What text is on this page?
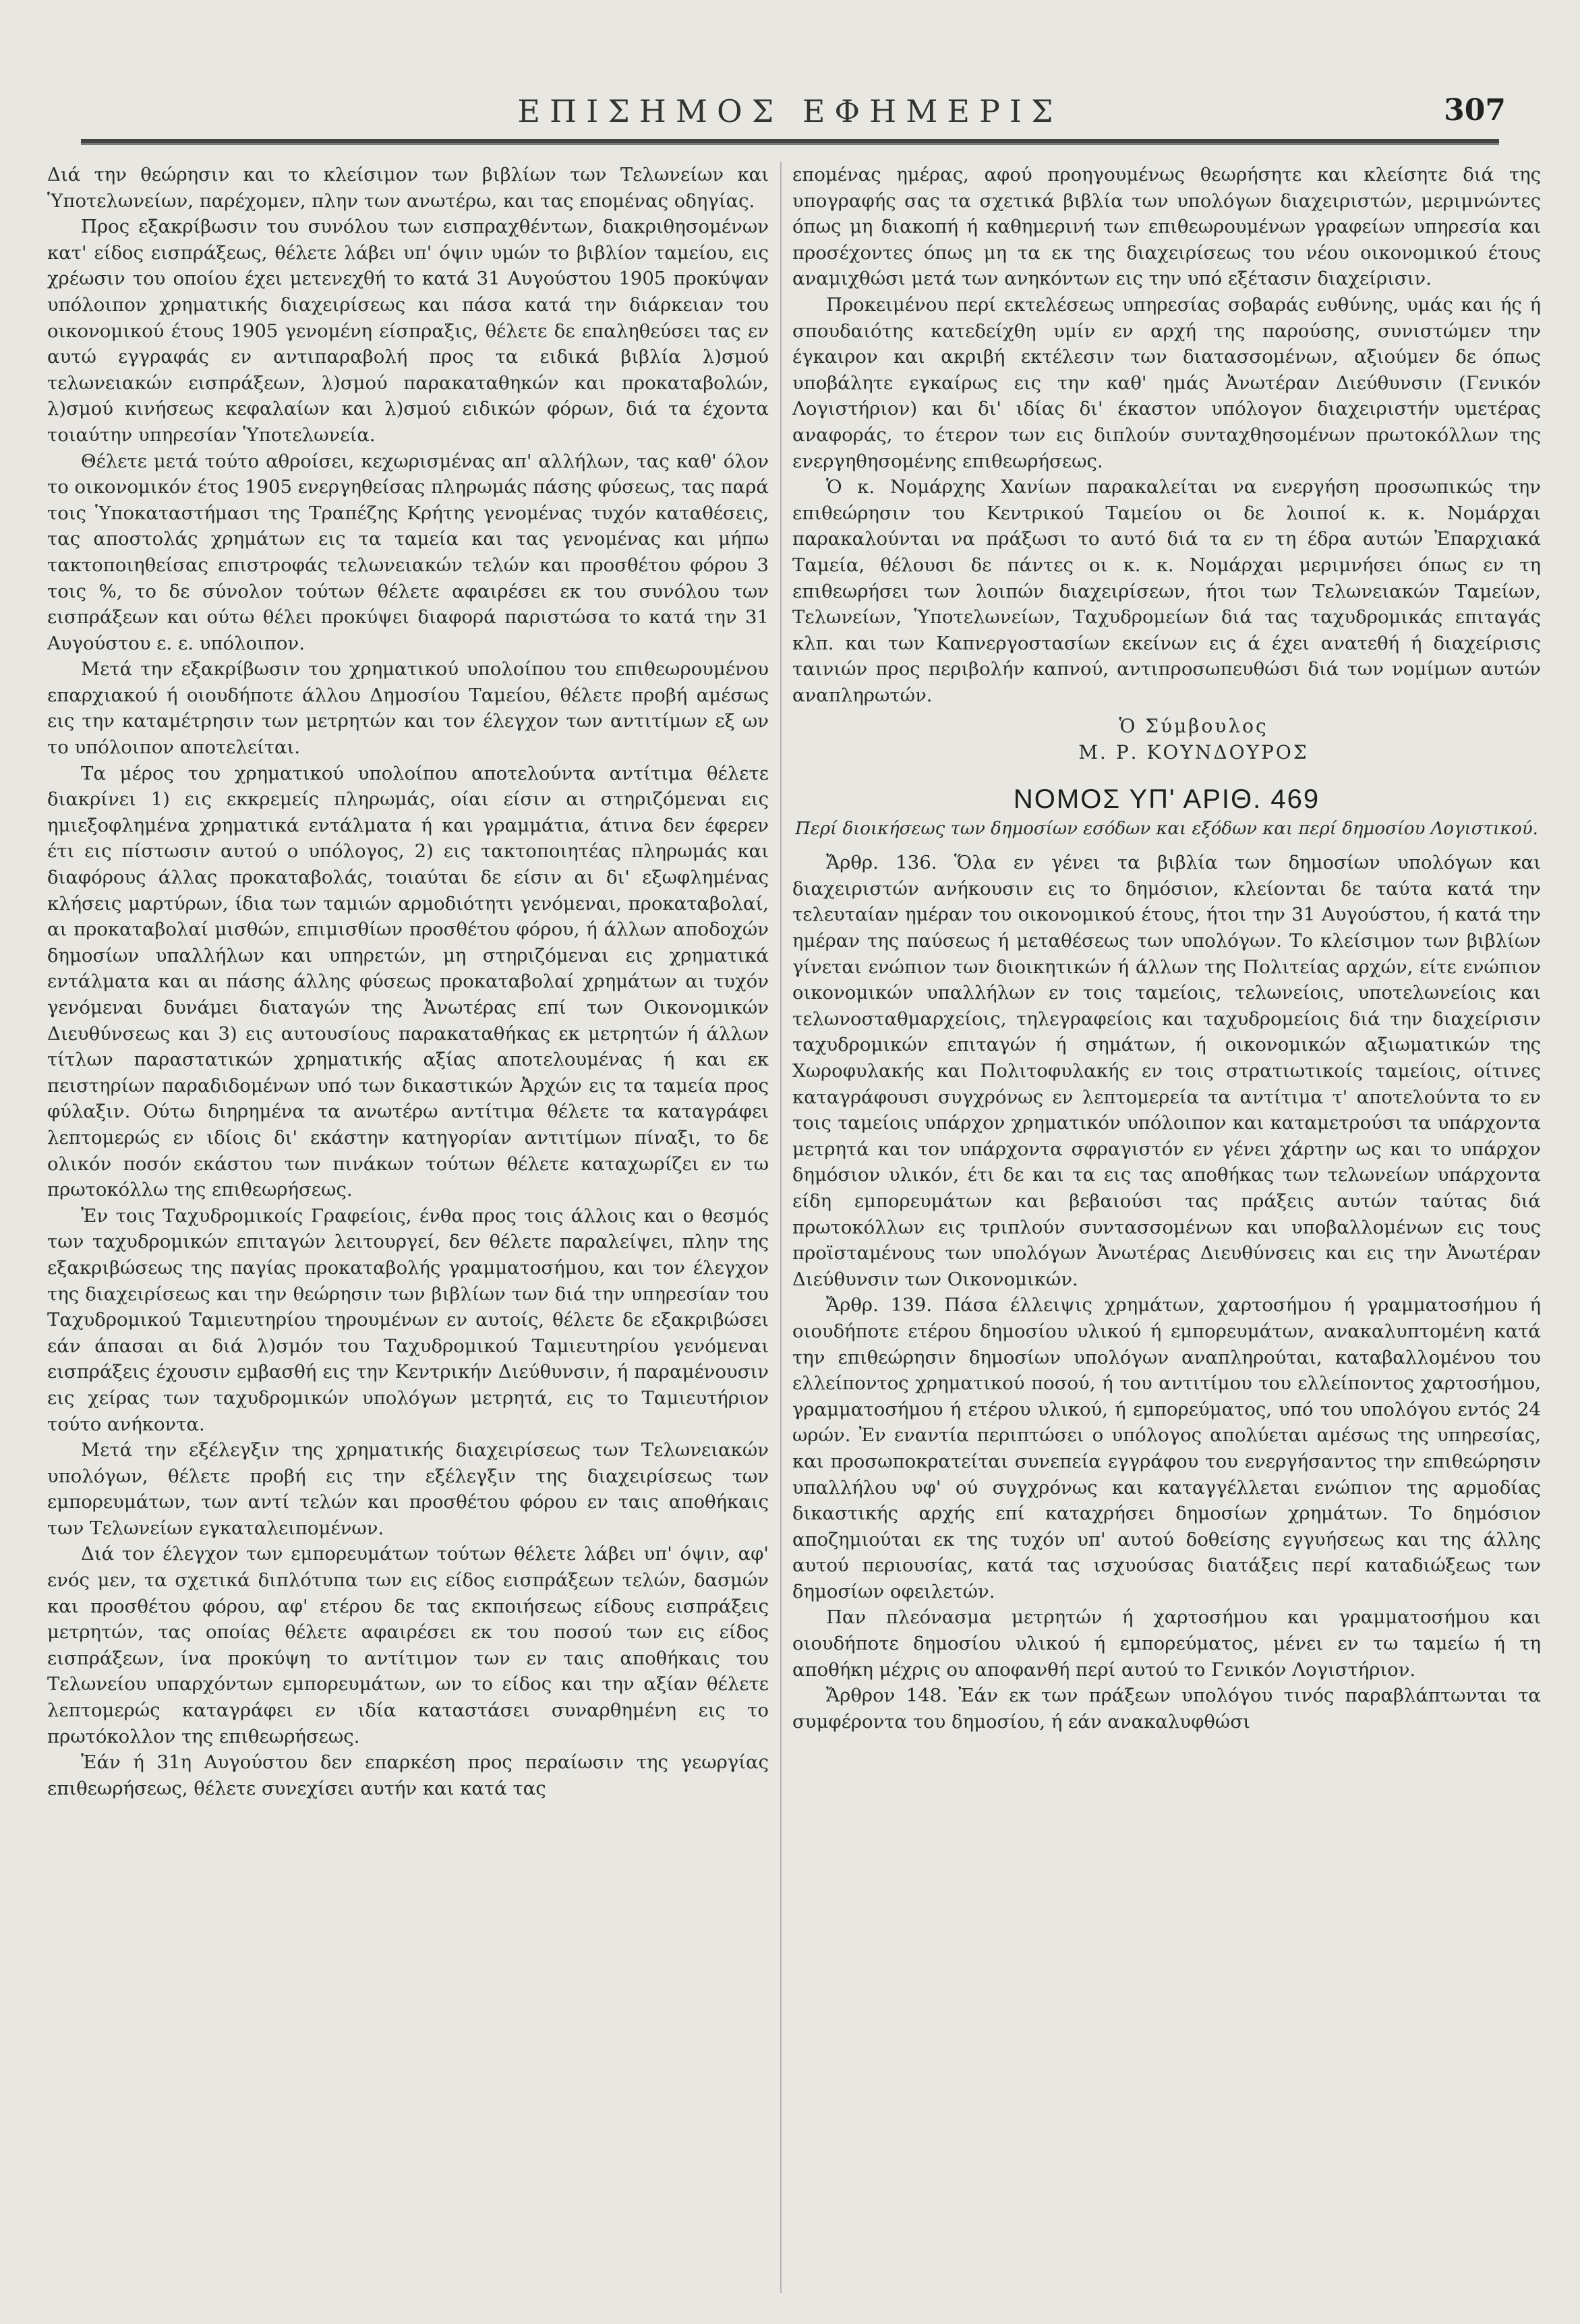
ΕΠΙΣΗΜΟΣ ΕΦΗΜΕΡΙΣ	307

Διά την θεώρησιν και το κλείσιμον των βιβλίων των Τελωνείων και Ὑποτελωνείων, παρέχομεν, πλην των ανωτέρω, και τας επομένας οδηγίας.

Προς εξακρίβωσιν του συνόλου των εισπραχθέντων, διακριθησομένων κατ' είδος εισπράξεως, θέλετε λάβει υπ' όψιν υμών το βιβλίον ταμείου, εις χρέωσιν του οποίου έχει μετενεχθή το κατά 31 Αυγούστου 1905 προκύψαν υπόλοιπον χρηματικής διαχειρίσεως και πάσα κατά την διάρκειαν του οικονομικού έτους 1905 γενομένη είσπραξις, θέλετε δε επαληθεύσει τας εν αυτώ εγγραφάς εν αντιπαραβολή προς τα ειδικά βιβλία λ)σμού τελωνειακών εισπράξεων, λ)σμού παρακαταθηκών και προκαταβολών, λ)σμού κινήσεως κεφαλαίων και λ)σμού ειδικών φόρων, διά τα έχοντα τοιαύτην υπηρεσίαν Ὑποτελωνεία.

Θέλετε μετά τούτο αθροίσει, κεχωρισμένας απ' αλλήλων, τας καθ' όλον το οικονομικόν έτος 1905 ενεργηθείσας πληρωμάς πάσης φύσεως, τας παρά τοις Ὑποκαταστήμασι της Τραπέζης Κρήτης γενομένας τυχόν καταθέσεις, τας αποστολάς χρημάτων εις τα ταμεία και τας γενομένας και μήπω τακτοποιηθείσας επιστροφάς τελωνειακών τελών και προσθέτου φόρου 3 τοις %, το δε σύνολον τούτων θέλετε αφαιρέσει εκ του συνόλου των εισπράξεων και ούτω θέλει προκύψει διαφορά παριστώσα το κατά την 31 Αυγούστου ε. ε. υπόλοιπον.

Μετά την εξακρίβωσιν του χρηματικού υπολοίπου του επιθεωρουμένου επαρχιακού ή οιουδήποτε άλλου Δημοσίου Ταμείου, θέλετε προβή αμέσως εις την καταμέτρησιν των μετρητών και τον έλεγχον των αντιτίμων εξ ων το υπόλοιπον αποτελείται.

Τα μέρος του χρηματικού υπολοίπου αποτελούντα αντίτιμα θέλετε διακρίνει 1) εις εκκρεμείς πληρωμάς, οίαι είσιν αι στηριζόμεναι εις ημιεξοφλημένα χρηματικά εντάλματα ή και γραμμάτια, άτινα δεν έφερεν έτι εις πίστωσιν αυτού ο υπόλογος, 2) εις τακτοποιητέας πληρωμάς και διαφόρους άλλας προκαταβολάς, τοιαύται δε είσιν αι δι' εξωφλημένας κλήσεις μαρτύρων, ίδια των ταμιών αρμοδιότητι γενόμεναι, προκαταβολαί, αι προκαταβολαί μισθών, επιμισθίων προσθέτου φόρου, ή άλλων αποδοχών δημοσίων υπαλλήλων και υπηρετών, μη στηριζόμεναι εις χρηματικά εντάλματα και αι πάσης άλλης φύσεως προκαταβολαί χρημάτων αι τυχόν γενόμεναι δυνάμει διαταγών της Ἀνωτέρας επί των Οικονομικών Διευθύνσεως και 3) εις αυτουσίους παρακαταθήκας εκ μετρητών ή άλλων τίτλων παραστατικών χρηματικής αξίας αποτελουμένας ή και εκ πειστηρίων παραδιδομένων υπό των δικαστικών Ἀρχών εις τα ταμεία προς φύλαξιν. Ούτω διηρημένα τα ανωτέρω αντίτιμα θέλετε τα καταγράφει λεπτομερώς εν ιδίοις δι' εκάστην κατηγορίαν αντιτίμων πίναξι, το δε ολικόν ποσόν εκάστου των πινάκων τούτων θέλετε καταχωρίζει εν τω πρωτοκόλλω της επιθεωρήσεως.

Ἐν τοις Ταχυδρομικοίς Γραφείοις, ένθα προς τοις άλλοις και ο θεσμός των ταχυδρομικών επιταγών λειτουργεί, δεν θέλετε παραλείψει, πλην της εξακριβώσεως της παγίας προκαταβολής γραμματοσήμου, και τον έλεγχον της διαχειρίσεως και την θεώρησιν των βιβλίων των διά την υπηρεσίαν του Ταχυδρομικού Ταμιευτηρίου τηρουμένων εν αυτοίς, θέλετε δε εξακριβώσει εάν άπασαι αι διά λ)σμόν του Ταχυδρομικού Ταμιευτηρίου γενόμεναι εισπράξεις έχουσιν εμβασθή εις την Κεντρικήν Διεύθυνσιν, ή παραμένουσιν εις χείρας των ταχυδρομικών υπολόγων μετρητά, εις το Ταμιευτήριον τούτο ανήκοντα.

Μετά την εξέλεγξιν της χρηματικής διαχειρίσεως των Τελωνειακών υπολόγων, θέλετε προβή εις την εξέλεγξιν της διαχειρίσεως των εμπορευμάτων, των αντί τελών και προσθέτου φόρου εν ταις αποθήκαις των Τελωνείων εγκαταλειπομένων.

Διά τον έλεγχον των εμπορευμάτων τούτων θέλετε λάβει υπ' όψιν, αφ' ενός μεν, τα σχετικά διπλότυπα των εις είδος εισπράξεων τελών, δασμών και προσθέτου φόρου, αφ' ετέρου δε τας εκποιήσεως είδους εισπράξεις μετρητών, τας οποίας θέλετε αφαιρέσει εκ του ποσού των εις είδος εισπράξεων, ίνα προκύψη το αντίτιμον των εν ταις αποθήκαις του Τελωνείου υπαρχόντων εμπορευμάτων, ων το είδος και την αξίαν θέλετε λεπτομερώς καταγράφει εν ιδία καταστάσει συναρθημένη εις το πρωτόκολλον της επιθεωρήσεως.

Ἐάν ή 31η Αυγούστου δεν επαρκέση προς περαίωσιν της γεωργίας επιθεωρήσεως, θέλετε συνεχίσει αυτήν και κατά τας

επομένας ημέρας, αφού προηγουμένως θεωρήσητε και κλείσητε διά της υπογραφής σας τα σχετικά βιβλία των υπολόγων διαχειριστών, μεριμνώντες όπως μη διακοπή ή καθημερινή των επιθεωρουμένων γραφείων υπηρεσία και προσέχοντες όπως μη τα εκ της διαχειρίσεως του νέου οικονομικού έτους αναμιχθώσι μετά των ανηκόντων εις την υπό εξέτασιν διαχείρισιν.

Προκειμένου περί εκτελέσεως υπηρεσίας σοβαράς ευθύνης, υμάς και ής ή σπουδαιότης κατεδείχθη υμίν εν αρχή της παρούσης, συνιστώμεν την έγκαιρον και ακριβή εκτέλεσιν των διατασσομένων, αξιούμεν δε όπως υποβάλητε εγκαίρως εις την καθ' ημάς Ἀνωτέραν Διεύθυνσιν (Γενικόν Λογιστήριον) και δι' ιδίας δι' έκαστον υπόλογον διαχειριστήν υμετέρας αναφοράς, το έτερον των εις διπλούν συνταχθησομένων πρωτοκόλλων της ενεργηθησομένης επιθεωρήσεως.

Ὁ κ. Νομάρχης Χανίων παρακαλείται να ενεργήση προσωπικώς την επιθεώρησιν του Κεντρικού Ταμείου οι δε λοιποί κ. κ. Νομάρχαι παρακαλούνται να πράξωσι το αυτό διά τα εν τη έδρα αυτών Ἐπαρχιακά Ταμεία, θέλουσι δε πάντες οι κ. κ. Νομάρχαι μεριμνήσει όπως εν τη επιθεωρήσει των λοιπών διαχειρίσεων, ήτοι των Τελωνειακών Ταμείων, Τελωνείων, Ὑποτελωνείων, Ταχυδρομείων διά τας ταχυδρομικάς επιταγάς κλπ. και των Καπνεργοστασίων εκείνων εις ά έχει ανατεθή ή διαχείρισις ταινιών προς περιβολήν καπνού, αντιπροσωπευθώσι διά των νομίμων αυτών αναπληρωτών.

Ὁ Σύμβουλος
Μ. Ρ. ΚΟΥΝΔΟΥΡΟΣ
ΝΟΜΟΣ ΥΠ' ΑΡΙΘ. 469
Περί διοικήσεως των δημοσίων εσόδων και εξόδων και περί δημοσίου Λογιστικού.

Ἄρθρ. 136. Ὅλα εν γένει τα βιβλία των δημοσίων υπολόγων και διαχειριστών ανήκουσιν εις το δημόσιον, κλείονται δε ταύτα κατά την τελευταίαν ημέραν του οικονομικού έτους, ήτοι την 31 Αυγούστου, ή κατά την ημέραν της παύσεως ή μεταθέσεως των υπολόγων. Το κλείσιμον των βιβλίων γίνεται ενώπιον των διοικητικών ή άλλων της Πολιτείας αρχών, είτε ενώπιον οικονομικών υπαλλήλων εν τοις ταμείοις, τελωνείοις, υποτελωνείοις και τελωνοσταθμαρχείοις, τηλεγραφείοις και ταχυδρομείοις διά την διαχείρισιν ταχυδρομικών επιταγών ή σημάτων, ή οικονομικών αξιωματικών της Χωροφυλακής και Πολιτοφυλακής εν τοις στρατιωτικοίς ταμείοις, οίτινες καταγράφουσι συγχρόνως εν λεπτομερεία τα αντίτιμα τ' αποτελούντα το εν τοις ταμείοις υπάρχον χρηματικόν υπόλοιπον και καταμετρούσι τα υπάρχοντα μετρητά και τον υπάρχοντα σφραγιστόν εν γένει χάρτην ως και το υπάρχον δημόσιον υλικόν, έτι δε και τα εις τας αποθήκας των τελωνείων υπάρχοντα είδη εμπορευμάτων και βεβαιούσι τας πράξεις αυτών ταύτας διά πρωτοκόλλων εις τριπλούν συντασσομένων και υποβαλλομένων εις τους προϊσταμένους των υπολόγων Ἀνωτέρας Διευθύνσεις και εις την Ἀνωτέραν Διεύθυνσιν των Οικονομικών.

Ἄρθρ. 139. Πάσα έλλειψις χρημάτων, χαρτοσήμου ή γραμματοσήμου ή οιουδήποτε ετέρου δημοσίου υλικού ή εμπορευμάτων, ανακαλυπτομένη κατά την επιθεώρησιν δημοσίων υπολόγων αναπληρούται, καταβαλλομένου του ελλείποντος χρηματικού ποσού, ή του αντιτίμου του ελλείποντος χαρτοσήμου, γραμματοσήμου ή ετέρου υλικού, ή εμπορεύματος, υπό του υπολόγου εντός 24 ωρών. Ἐν εναντία περιπτώσει ο υπόλογος απολύεται αμέσως της υπηρεσίας, και προσωποκρατείται συνεπεία εγγράφου του ενεργήσαντος την επιθεώρησιν υπαλλήλου υφ' ού συγχρόνως και καταγγέλλεται ενώπιον της αρμοδίας δικαστικής αρχής επί καταχρήσει δημοσίων χρημάτων. Το δημόσιον αποζημιούται εκ της τυχόν υπ' αυτού δοθείσης εγγυήσεως και της άλλης αυτού περιουσίας, κατά τας ισχυούσας διατάξεις περί καταδιώξεως των δημοσίων οφειλετών.

Παν πλεόνασμα μετρητών ή χαρτοσήμου και γραμματοσήμου και οιουδήποτε δημοσίου υλικού ή εμπορεύματος, μένει εν τω ταμείω ή τη αποθήκη μέχρις ου αποφανθή περί αυτού το Γενικόν Λογιστήριον.

Ἄρθρον 148. Ἐάν εκ των πράξεων υπολόγου τινός παραβλάπτωνται τα συμφέροντα του δημοσίου, ή εάν ανακαλυφθώσι
